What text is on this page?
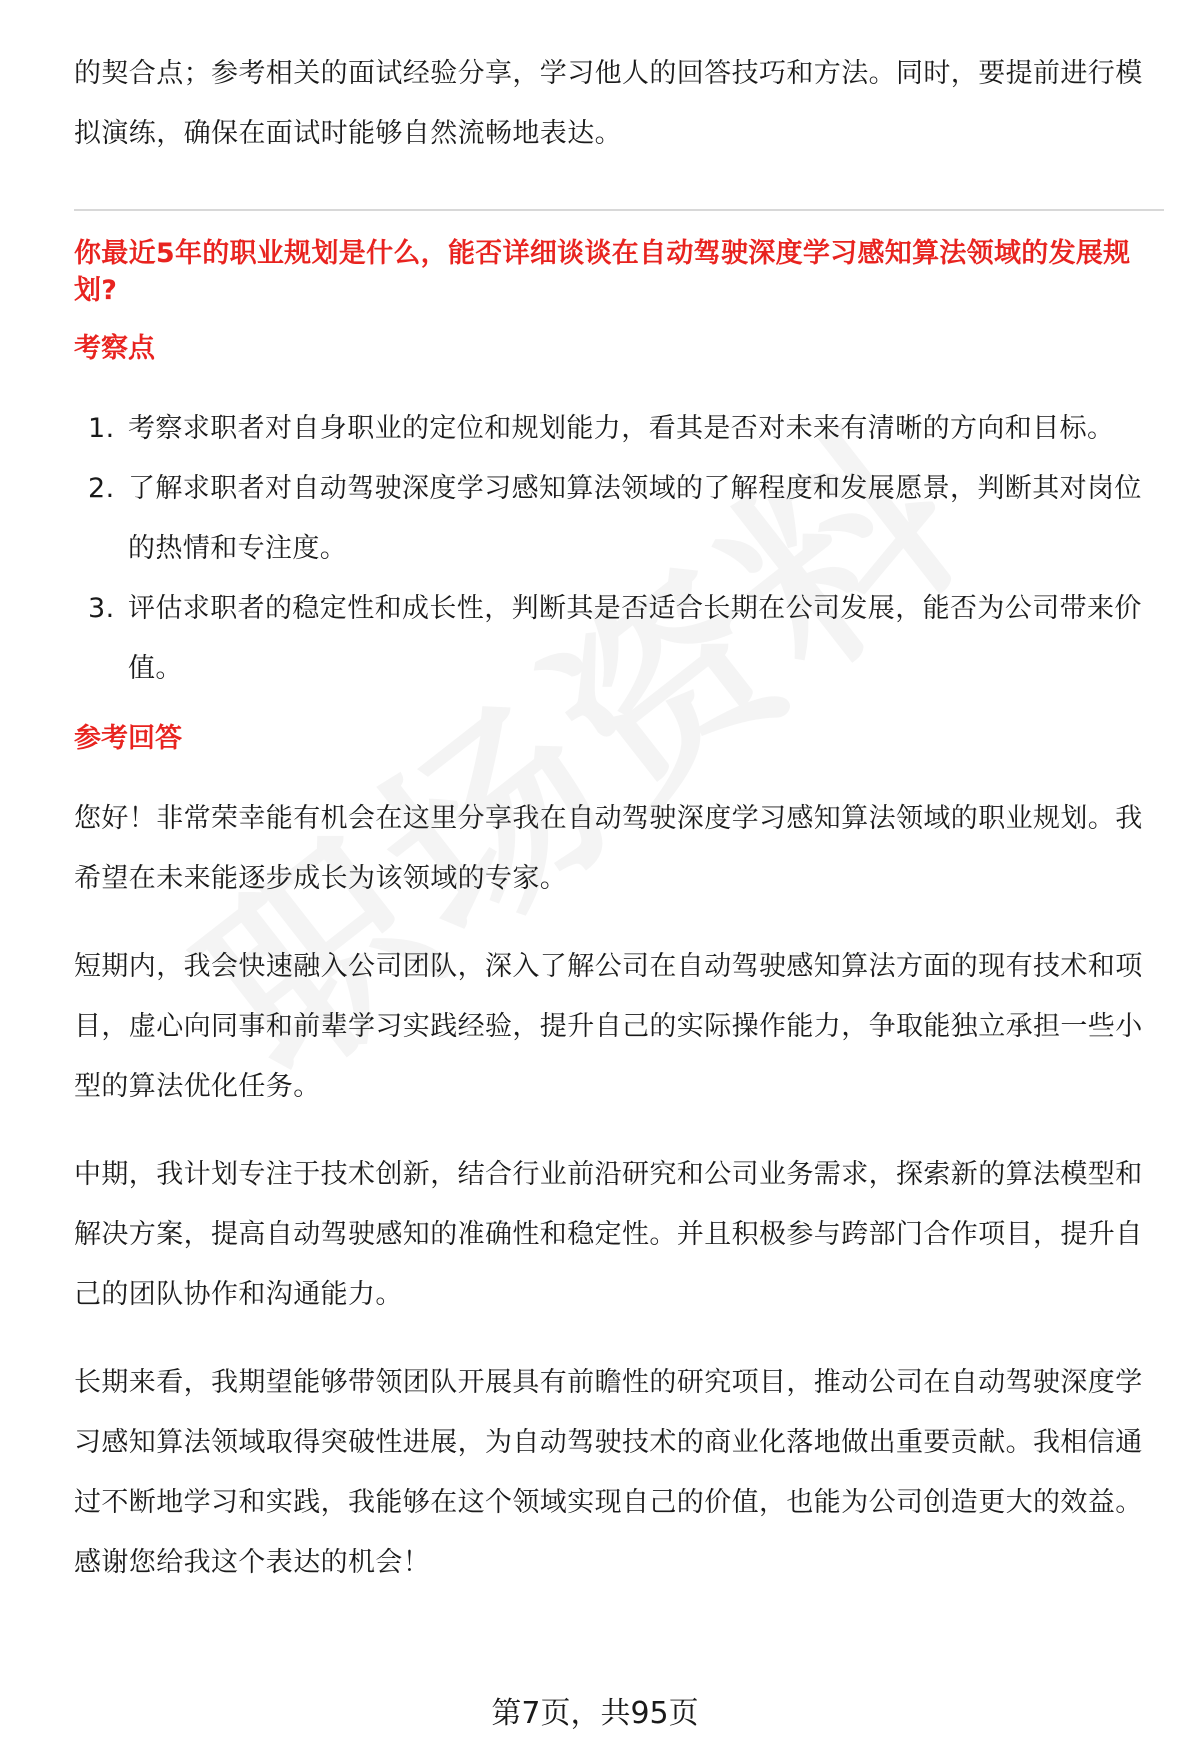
的契合点；参考相关的面试经验分享，学习他人的回答技巧和方法。同时，要提前进行模拟演练，确保在面试时能够自然流畅地表达。

你最近5年的职业规划是什么，能否详细谈谈在自动驾驶深度学习感知算法领域的发展规划?
考察点
1. 考察求职者对自身职业的定位和规划能力，看其是否对未来有清晰的方向和目标。
2. 了解求职者对自动驾驶深度学习感知算法领域的了解程度和发展愿景，判断其对岗位的热情和专注度。
3. 评估求职者的稳定性和成长性，判断其是否适合长期在公司发展，能否为公司带来价值。
参考回答

您好！非常荣幸能有机会在这里分享我在自动驾驶深度学习感知算法领域的职业规划。我希望在未来能逐步成长为该领域的专家。

短期内，我会快速融入公司团队，深入了解公司在自动驾驶感知算法方面的现有技术和项目，虚心向同事和前辈学习实践经验，提升自己的实际操作能力，争取能独立承担一些小型的算法优化任务。

中期，我计划专注于技术创新，结合行业前沿研究和公司业务需求，探索新的算法模型和解决方案，提高自动驾驶感知的准确性和稳定性。并且积极参与跨部门合作项目，提升自己的团队协作和沟通能力。

长期来看，我期望能够带领团队开展具有前瞻性的研究项目，推动公司在自动驾驶深度学习感知算法领域取得突破性进展，为自动驾驶技术的商业化落地做出重要贡献。我相信通过不断地学习和实践，我能够在这个领域实现自己的价值，也能为公司创造更大的效益。感谢您给我这个表达的机会！

第7页，共95页
